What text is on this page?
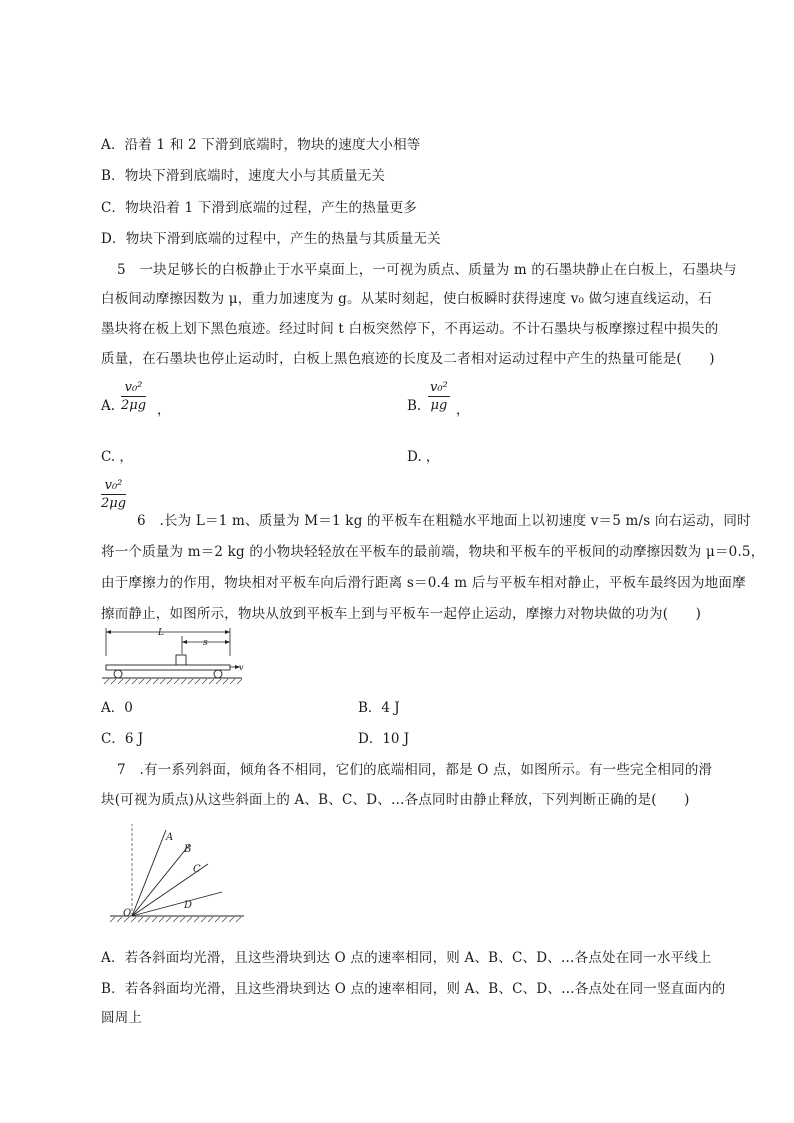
A．沿着 1 和 2 下滑到底端时，物块的速度大小相等
B．物块下滑到底端时，速度大小与其质量无关
C．物块沿着 1 下滑到底端的过程，产生的热量更多
D．物块下滑到底端的过程中，产生的热量与其质量无关
5　一块足够长的白板静止于水平桌面上，一可视为质点、质量为 m 的石墨块静止在白板上，石墨块与
白板间动摩擦因数为 μ，重力加速度为 g。从某时刻起，使白板瞬时获得速度 v₀ 做匀速直线运动，石
墨块将在板上划下黑色痕迹。经过时间 t 白板突然停下，不再运动。不计石墨块与板摩擦过程中损失的
质量，在石墨块也停止运动时，白板上黑色痕迹的长度及二者相对运动过程中产生的热量可能是(　　)
A. $\frac{\text{v₀²}}{2\mu g}$ ，	B. $\frac{\text{v₀²}}{\mu g}$ ，
C. ，	D. ，
$\frac{\text{v₀²}}{2\mu g}$
6　.长为 L＝1 m、质量为 M＝1 kg 的平板车在粗糙水平地面上以初速度 v＝5 m/s 向右运动，同时
将一个质量为 m＝2 kg 的小物块轻轻放在平板车的最前端，物块和平板车的平板间的动摩擦因数为 μ＝0.5，
由于摩擦力的作用，物块相对平板车向后滑行距离 s＝0.4 m 后与平板车相对静止，平板车最终因为地面摩
擦而静止，如图所示，物块从放到平板车上到与平板车一起停止运动，摩擦力对物块做的功为(　　)
L
s
v
A．0	B．4 J
C．6 J	D．10 J
7　.有一系列斜面，倾角各不相同，它们的底端相同，都是 O 点，如图所示。有一些完全相同的滑
块(可视为质点)从这些斜面上的 A、B、C、D、…各点同时由静止释放，下列判断正确的是(　　)
A
B
C
D
O
A．若各斜面均光滑，且这些滑块到达 O 点的速率相同，则 A、B、C、D、…各点处在同一水平线上
B．若各斜面均光滑，且这些滑块到达 O 点的速率相同，则 A、B、C、D、…各点处在同一竖直面内的
圆周上
